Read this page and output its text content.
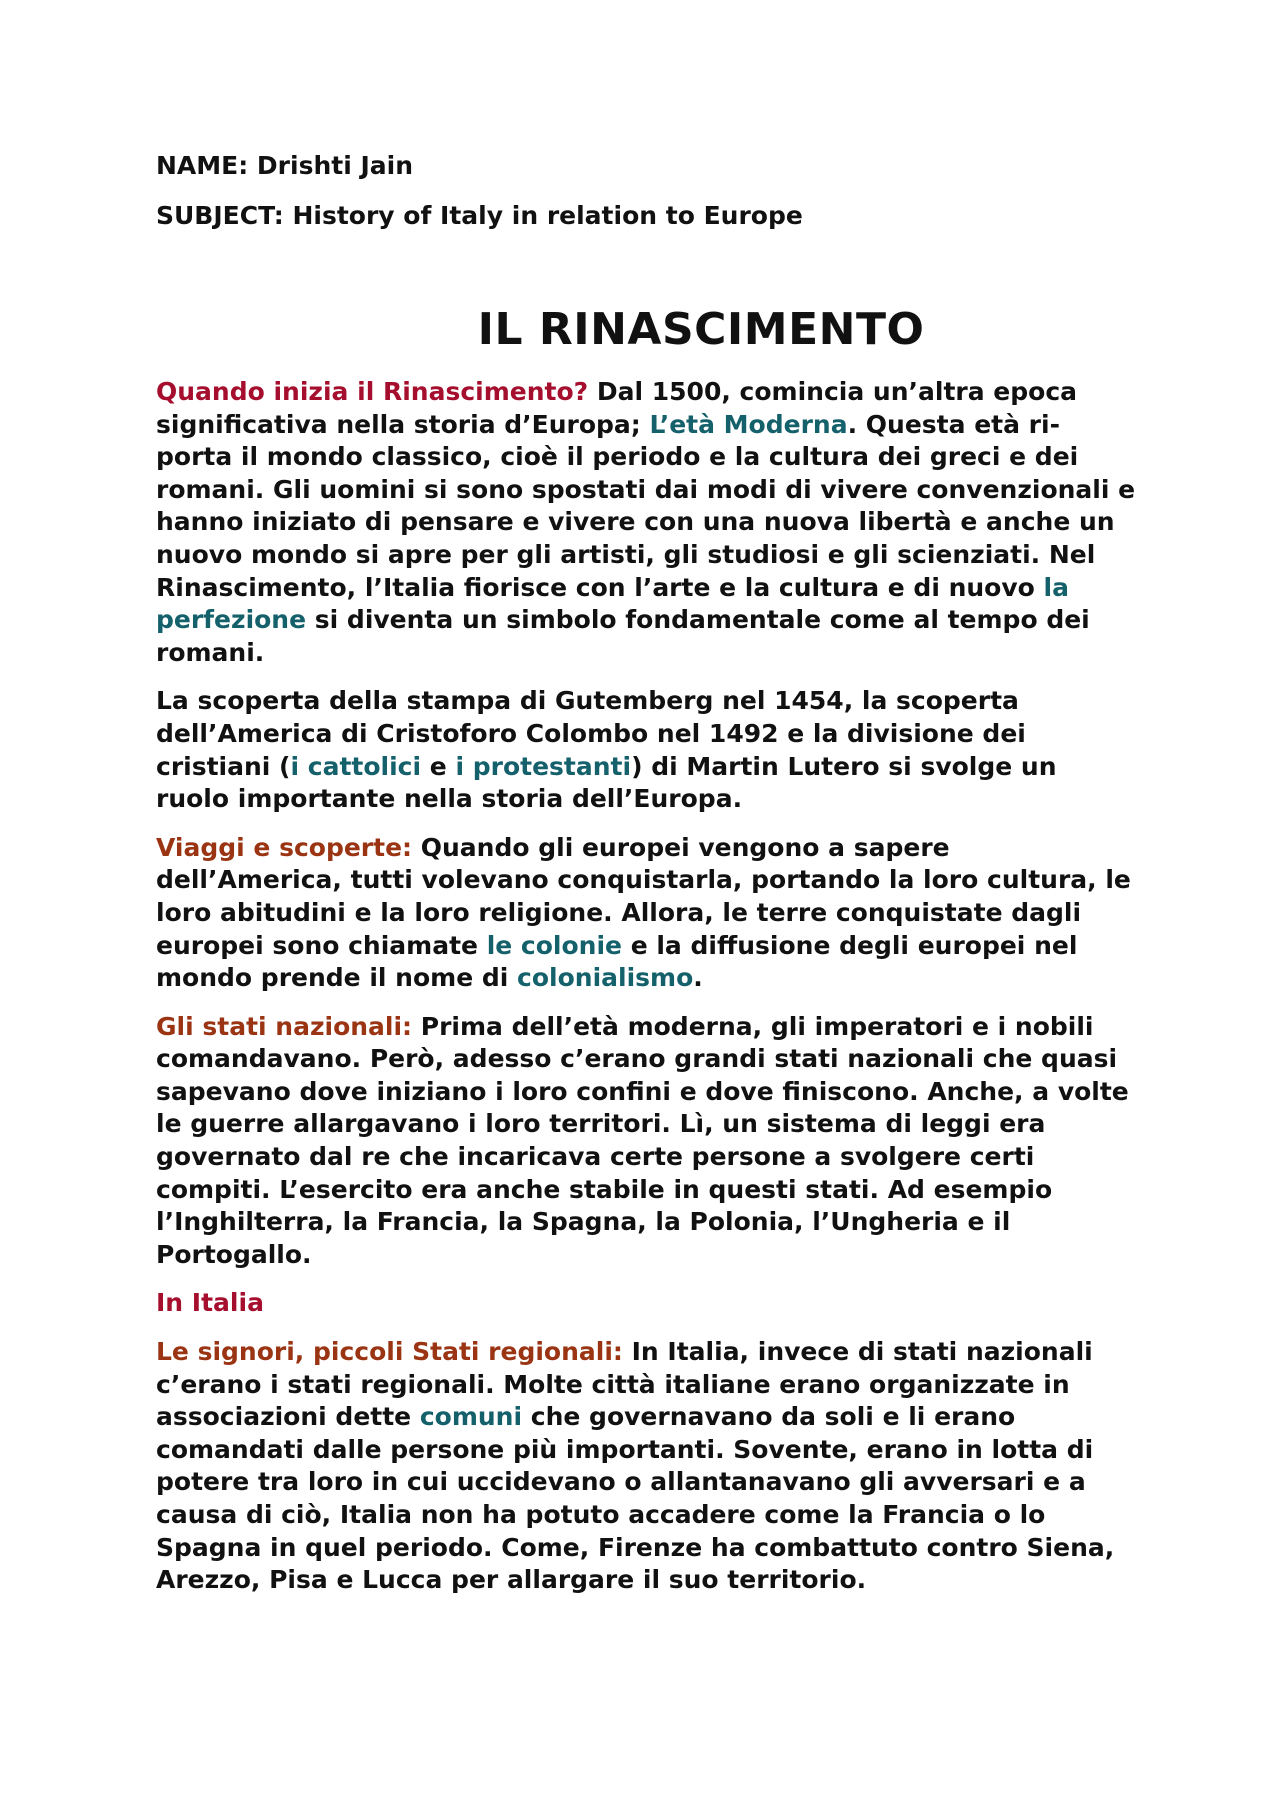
NAME: Drishti Jain

SUBJECT: History of Italy in relation to Europe

IL RINASCIMENTO

Quando inizia il Rinascimento? Dal 1500, comincia un’altra epoca significativa nella storia d’Europa; L’età Moderna. Questa età ri-porta il mondo classico, cioè il periodo e la cultura dei greci e dei romani. Gli uomini si sono spostati dai modi di vivere convenzionali e hanno iniziato di pensare e vivere con una nuova libertà e anche un nuovo mondo si apre per gli artisti, gli studiosi e gli scienziati. Nel Rinascimento, l’Italia fiorisce con l’arte e la cultura e di nuovo la perfezione si diventa un simbolo fondamentale come al tempo dei romani.

La scoperta della stampa di Gutemberg nel 1454, la scoperta dell’America di Cristoforo Colombo nel 1492 e la divisione dei cristiani (i cattolici e i protestanti) di Martin Lutero si svolge un ruolo importante nella storia dell’Europa.

Viaggi e scoperte: Quando gli europei vengono a sapere dell’America, tutti volevano conquistarla, portando la loro cultura, le loro abitudini e la loro religione. Allora, le terre conquistate dagli europei sono chiamate le colonie e la diffusione degli europei nel mondo prende il nome di colonialismo.

Gli stati nazionali: Prima dell’età moderna, gli imperatori e i nobili comandavano. Però, adesso c’erano grandi stati nazionali che quasi sapevano dove iniziano i loro confini e dove finiscono. Anche, a volte le guerre allargavano i loro territori. Lì, un sistema di leggi era governato dal re che incaricava certe persone a svolgere certi compiti. L’esercito era anche stabile in questi stati. Ad esempio l’Inghilterra, la Francia, la Spagna, la Polonia, l’Ungheria e il Portogallo.

In Italia

Le signori, piccoli Stati regionali: In Italia, invece di stati nazionali c’erano i stati regionali. Molte città italiane erano organizzate in associazioni dette comuni che governavano da soli e li erano comandati dalle persone più importanti. Sovente, erano in lotta di potere tra loro in cui uccidevano o allantanavano gli avversari e a causa di ciò, Italia non ha potuto accadere come la Francia o lo Spagna in quel periodo. Come, Firenze ha combattuto contro Siena, Arezzo, Pisa e Lucca per allargare il suo territorio.
